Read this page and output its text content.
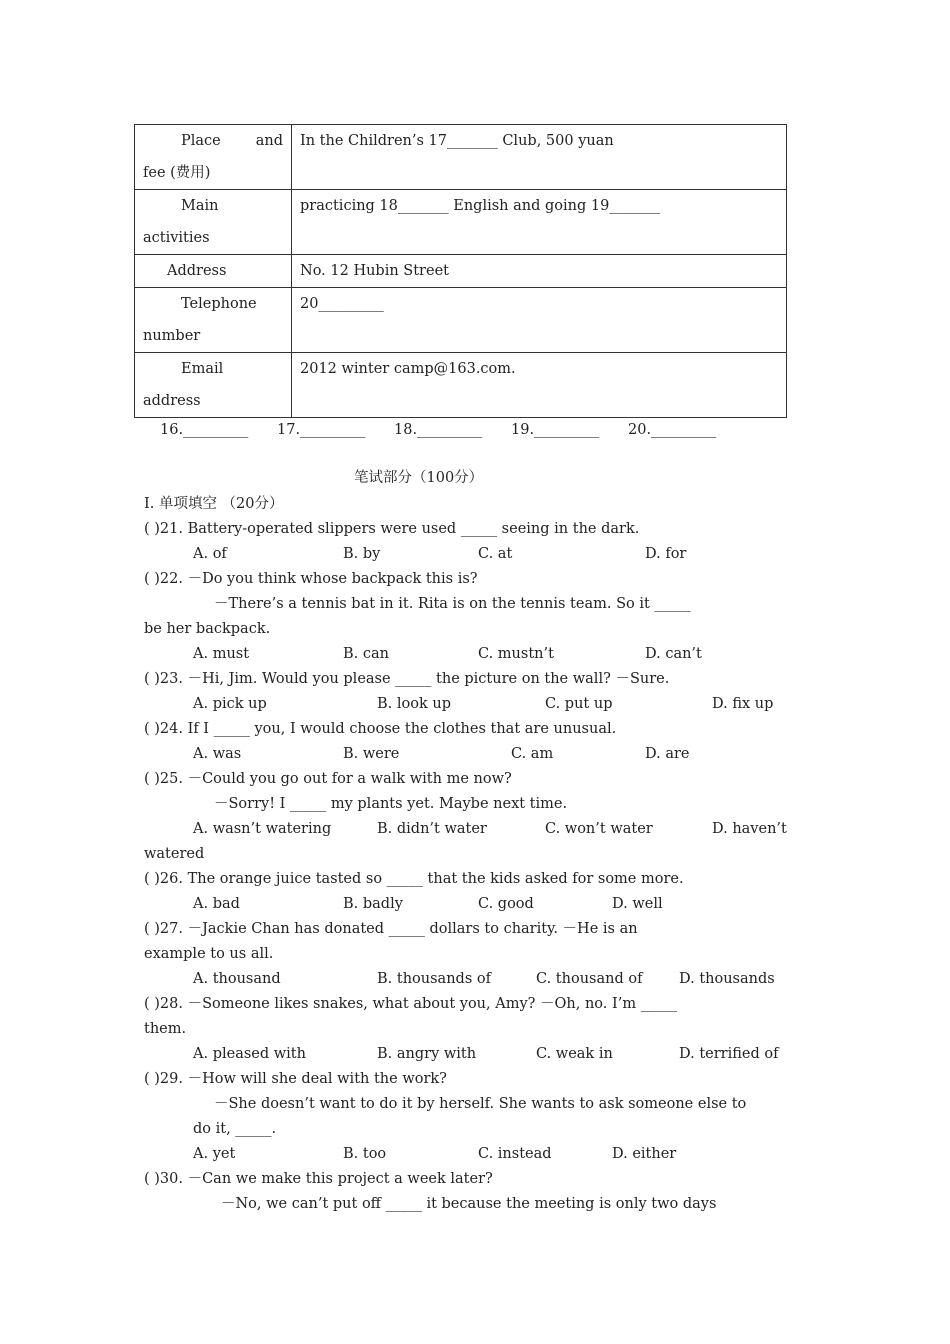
Place and
fee (费用)	In the Children’s 17_______ Club, 500 yuan

Main
activities	practicing 18_______ English and going 19_______

Address	No. 12 Hubin Street

Telephone
number	20_________

Email
address	2012 winter camp@163.com.
16._________ 17._________ 18._________ 19._________ 20._________
笔试部分（100分）
I. 单项填空 （20分）
( )21. Battery-operated slippers were used _____ seeing in the dark.
A. of	B. by	C. at	D. for
( )22. －Do you think whose backpack this is?
－There’s a tennis bat in it. Rita is on the tennis team. So it _____
be her backpack.
A. must	B. can	C. mustn’t	D. can’t
( )23. －Hi, Jim. Would you please _____ the picture on the wall? －Sure.
A. pick up	B. look up	C. put up	D. fix up
( )24. If I _____ you, I would choose the clothes that are unusual.
A. was	B. were	C. am	D. are
( )25. －Could you go out for a walk with me now?
－Sorry! I _____ my plants yet. Maybe next time.
A. wasn’t watering	B. didn’t water	C. won’t water	D. haven’t
watered
( )26. The orange juice tasted so _____ that the kids asked for some more.
A. bad	B. badly	C. good	D. well
( )27. －Jackie Chan has donated _____ dollars to charity. －He is an
example to us all.
A. thousand	B. thousands of	C. thousand of	D. thousands
( )28. －Someone likes snakes, what about you, Amy? －Oh, no. I’m _____
them.
A. pleased with	B. angry with	C. weak in	D. terrified of
( )29. －How will she deal with the work?
－She doesn’t want to do it by herself. She wants to ask someone else to
do it, _____.
A. yet	B. too	C. instead	D. either
( )30. －Can we make this project a week later?
－No, we can’t put off _____ it because the meeting is only two days
